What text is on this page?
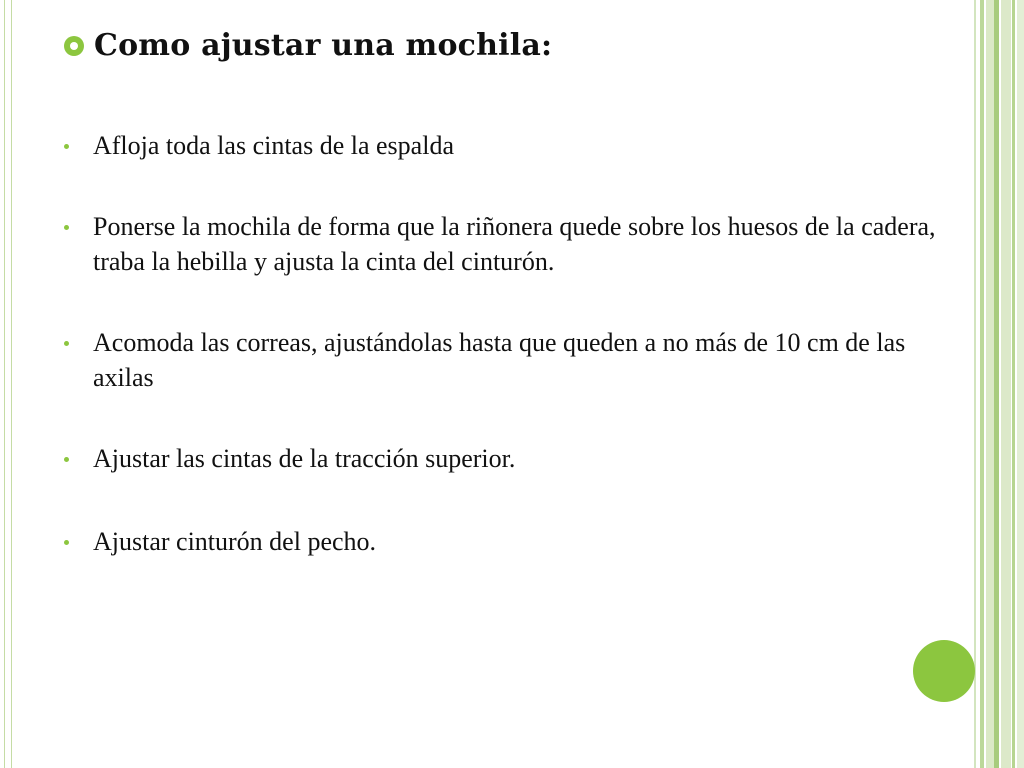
Como ajustar una mochila:
Afloja toda las cintas de la espalda
Ponerse la mochila de forma que la riñonera quede sobre los huesos de la cadera, traba la hebilla y ajusta la cinta del cinturón.
Acomoda las correas, ajustándolas hasta que queden a no más de 10 cm de las axilas
Ajustar las cintas de la tracción superior.
Ajustar cinturón del pecho.
